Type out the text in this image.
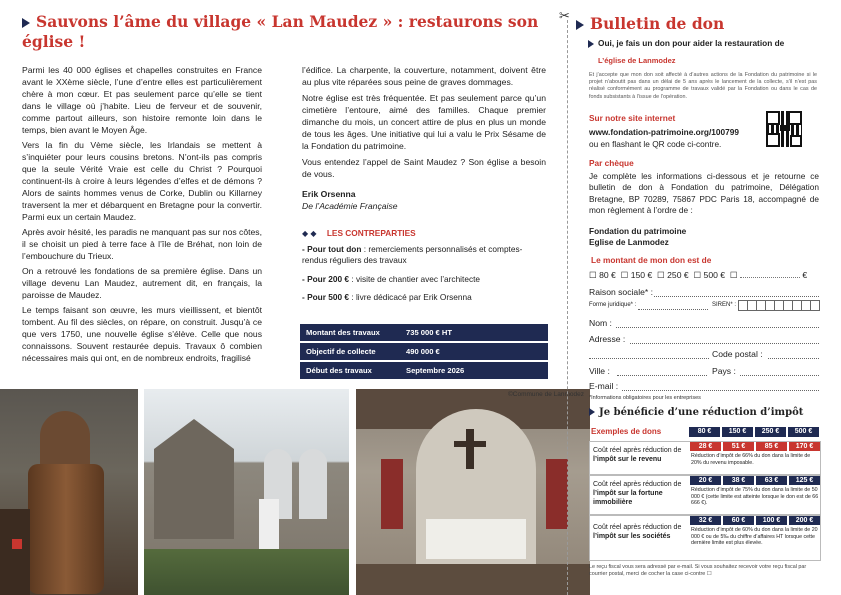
Sauvons l’âme du village « Lan Maudez » : restaurons son église !

Parmi les 40 000 églises et chapelles construites en France avant le XXème siècle, l’une d’entre elles est particulièrement chère à mon cœur. Et pas seulement parce qu’elle se tient dans le village où j’habite. Lieu de ferveur et de souvenir, comme partout ailleurs, son histoire remonte loin dans le temps, bien avant le Moyen Âge.

Vers la fin du Vème siècle, les Irlandais se mettent à s’inquiéter pour leurs cousins bretons. N’ont-ils pas compris que la seule Vérité Vraie est celle du Christ ? Pourquoi continuent-ils à croire à leurs légendes d’elfes et de démons ? Alors de saints hommes venus de Corke, Dublin ou Killarney traversent la mer et débarquent en Bretagne pour la convertir. Parmi eux un certain Maudez.

Après avoir hésité, les paradis ne manquant pas sur nos côtes, il se choisit un pied à terre face à l’île de Bréhat, non loin de l’embouchure du Trieux.

On a retrouvé les fondations de sa première église. Dans un village devenu Lan Maudez, autrement dit, en français, la paroisse de Maudez.

Le temps faisant son œuvre, les murs vieillissent, et bientôt tombent. Au fil des siècles, on répare, on construit. Jusqu’à ce que vers 1750, une nouvelle église s’élève. Celle que nous connaissons. Souvent restaurée depuis. Travaux ô combien nécessaires mais qui ont, en de nombreux endroits, fragilisé

l’édifice. La charpente, la couverture, notamment, doivent être au plus vite réparées sous peine de graves dommages.

Notre église est très fréquentée. Et pas seulement parce qu’un cimetière l’entoure, aimé des familles. Chaque premier dimanche du mois, un concert attire de plus en plus un monde de tous les âges. Une initiative qui lui a valu le Prix Sésame de la Fondation du patrimoine.

Vous entendez l’appel de Saint Maudez ? Son église a besoin de vous.

Erik Orsenna

De l’Académie Française

◆ ◆ LES CONTREPARTIES

- Pour tout don : remerciements personnalisés et comptes-rendus réguliers des travaux

- Pour 200 € : visite de chantier avec l’architecte

- Pour 500 € : livre dédicacé par Erik Orsenna

Montant des travaux	735 000 € HT
Objectif de collecte	490 000 €
Début des travaux	Septembre 2026
©Commune de Lanmodez
✂	Bulletin de don
Oui, je fais un don pour aider la restauration de
L’église de Lanmodez
Et j’accepte que mon don soit affecté à d’autres actions de la Fondation du patrimoine si le projet n’aboutit pas dans un délai de 5 ans après le lancement de la collecte, s’il n’est pas réalisé conformément au programme de travaux validé par la Fondation ou dans le cas de fonds subsistants à l’issue de l’opération.
Sur notre site internet
www.fondation-patrimoine.org/100799
ou en flashant le QR code ci-contre.
Par chèque
Je complète les informations ci-dessous et je retourne ce bulletin de don à Fondation du patrimoine, Délégation Bretagne, BP 70289, 75867 PDC Paris 18, accompagné de mon règlement à l’ordre de :
Fondation du patrimoine
Eglise de Lanmodez
Le montant de mon don est de
☐ 80 € ☐ 150 € ☐ 250 € ☐ 500 € ☐	€
Raison sociale* :
Forme juridique* :	SIREN* :
Nom :
Adresse :
Code postal :
Ville :	Pays :
E-mail :
*Informations obligatoires pour les entreprises
Je bénéficie d’une réduction d’impôt
Exemples de dons	80 €	150 €	250 €	500 €
Coût réel après réduction de l’impôt sur le revenu
28 €	51 €	85 €	170 €
Réduction d’impôt de 66% du don dans la limite de 20% du revenu imposable.
Coût réel après réduction de l’impôt sur la fortune immobilière
20 €	38 €	63 €	125 €
Réduction d’impôt de 75% du don dans la limite de 50 000 € (cette limite est atteinte lorsque le don est de 66 666 €).
Coût réel après réduction de l’impôt sur les sociétés
32 €	60 €	100 €	200 €
Réduction d’impôt de 60% du don dans la limite de 20 000 € ou de 5‰ du chiffre d’affaires HT lorsque cette dernière limite est plus élevée.
Le reçu fiscal vous sera adressé par e-mail. Si vous souhaitez recevoir votre reçu fiscal par courrier postal, merci de cocher la case ci-contre ☐
